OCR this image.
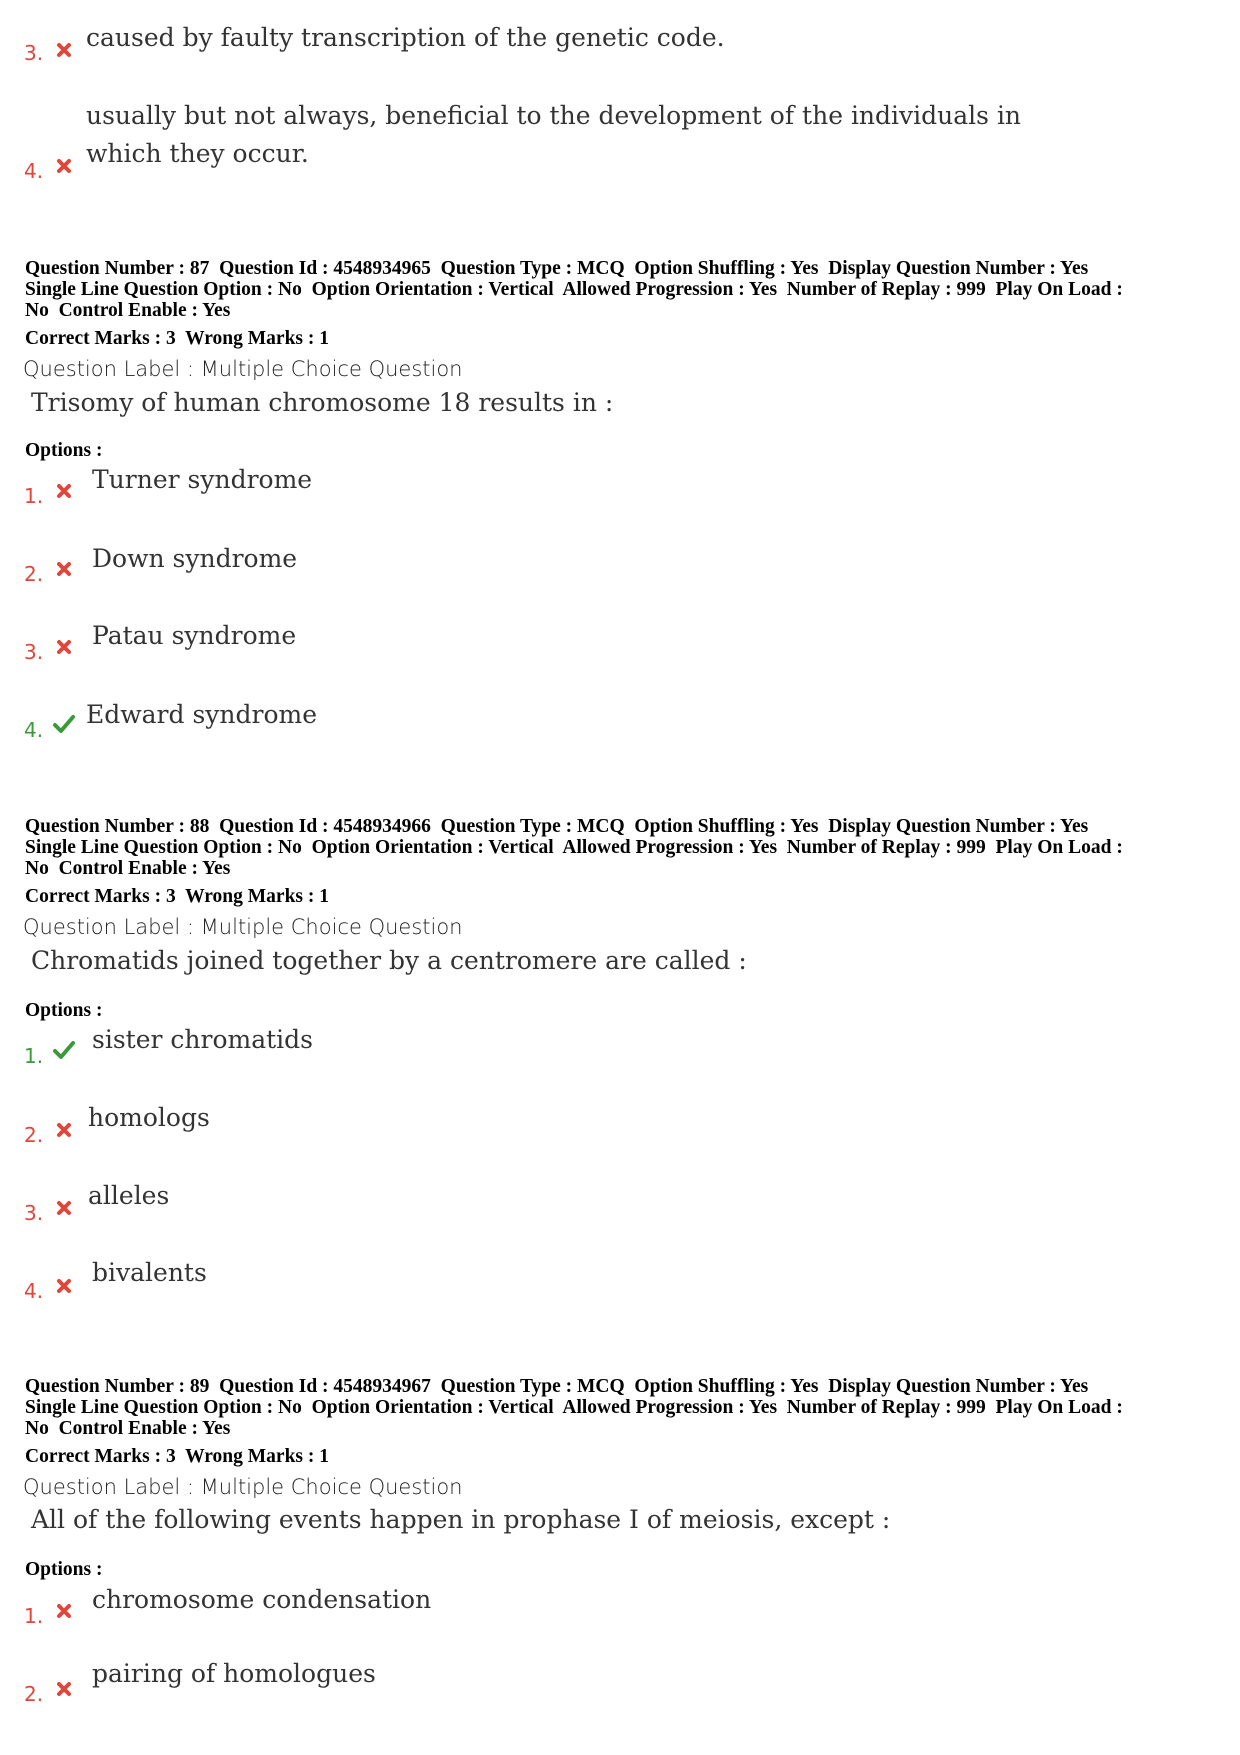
3.
caused by faulty transcription of the genetic code.
4.
usually but not always, beneficial to the development of the individuals in
which they occur.
Question Number : 87  Question Id : 4548934965  Question Type : MCQ  Option Shuffling : Yes  Display Question Number : Yes
Single Line Question Option : No  Option Orientation : Vertical  Allowed Progression : Yes  Number of Replay : 999  Play On Load :
No  Control Enable : Yes
Correct Marks : 3  Wrong Marks : 1
Question Label : Multiple Choice Question
Trisomy of human chromosome 18 results in :
Options :
1.
Turner syndrome
2.
Down syndrome
3.
Patau syndrome
4.
Edward syndrome
Question Number : 88  Question Id : 4548934966  Question Type : MCQ  Option Shuffling : Yes  Display Question Number : Yes
Single Line Question Option : No  Option Orientation : Vertical  Allowed Progression : Yes  Number of Replay : 999  Play On Load :
No  Control Enable : Yes
Correct Marks : 3  Wrong Marks : 1
Question Label : Multiple Choice Question
Chromatids joined together by a centromere are called :
Options :
1.
sister chromatids
2.
homologs
3.
alleles
4.
bivalents
Question Number : 89  Question Id : 4548934967  Question Type : MCQ  Option Shuffling : Yes  Display Question Number : Yes
Single Line Question Option : No  Option Orientation : Vertical  Allowed Progression : Yes  Number of Replay : 999  Play On Load :
No  Control Enable : Yes
Correct Marks : 3  Wrong Marks : 1
Question Label : Multiple Choice Question
All of the following events happen in prophase I of meiosis, except :
Options :
1.
chromosome condensation
2.
pairing of homologues
